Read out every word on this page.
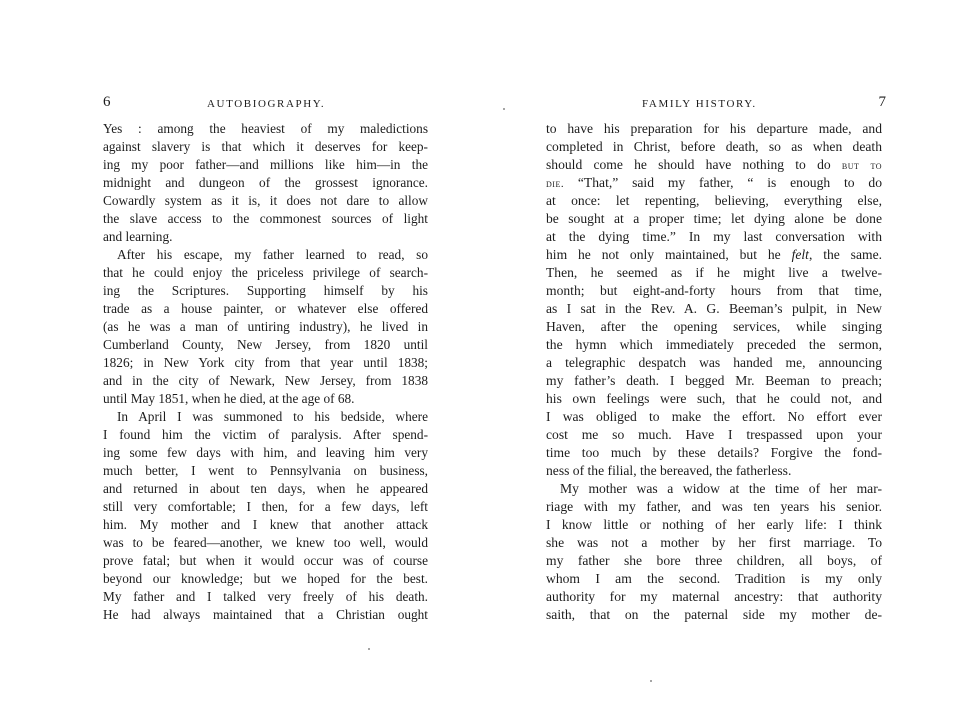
6	AUTOBIOGRAPHY.
Yes : among the heaviest of my maledictions
against slavery is that which it deserves for keep-
ing my poor father—and millions like him—in the
midnight and dungeon of the grossest ignorance.
Cowardly system as it is, it does not dare to allow
the slave access to the commonest sources of light
and learning.
After his escape, my father learned to read, so
that he could enjoy the priceless privilege of search-
ing the Scriptures. Supporting himself by his
trade as a house painter, or whatever else offered
(as he was a man of untiring industry), he lived in
Cumberland County, New Jersey, from 1820 until
1826; in New York city from that year until 1838;
and in the city of Newark, New Jersey, from 1838
until May 1851, when he died, at the age of 68.
In April I was summoned to his bedside, where
I found him the victim of paralysis. After spend-
ing some few days with him, and leaving him very
much better, I went to Pennsylvania on business,
and returned in about ten days, when he appeared
still very comfortable; I then, for a few days, left
him. My mother and I knew that another attack
was to be feared—another, we knew too well, would
prove fatal; but when it would occur was of course
beyond our knowledge; but we hoped for the best.
My father and I talked very freely of his death.
He had always maintained that a Christian ought
FAMILY HISTORY.	7
to have his preparation for his departure made, and
completed in Christ, before death, so as when death
should come he should have nothing to do but to
die. “That,” said my father, “ is enough to do
at once: let repenting, believing, everything else,
be sought at a proper time; let dying alone be done
at the dying time.” In my last conversation with
him he not only maintained, but he felt, the same.
Then, he seemed as if he might live a twelve-
month; but eight-and-forty hours from that time,
as I sat in the Rev. A. G. Beeman’s pulpit, in New
Haven, after the opening services, while singing
the hymn which immediately preceded the sermon,
a telegraphic despatch was handed me, announcing
my father’s death. I begged Mr. Beeman to preach;
his own feelings were such, that he could not, and
I was obliged to make the effort. No effort ever
cost me so much. Have I trespassed upon your
time too much by these details? Forgive the fond-
ness of the filial, the bereaved, the fatherless.
My mother was a widow at the time of her mar-
riage with my father, and was ten years his senior.
I know little or nothing of her early life: I think
she was not a mother by her first marriage. To
my father she bore three children, all boys, of
whom I am the second. Tradition is my only
authority for my maternal ancestry: that authority
saith, that on the paternal side my mother de-
